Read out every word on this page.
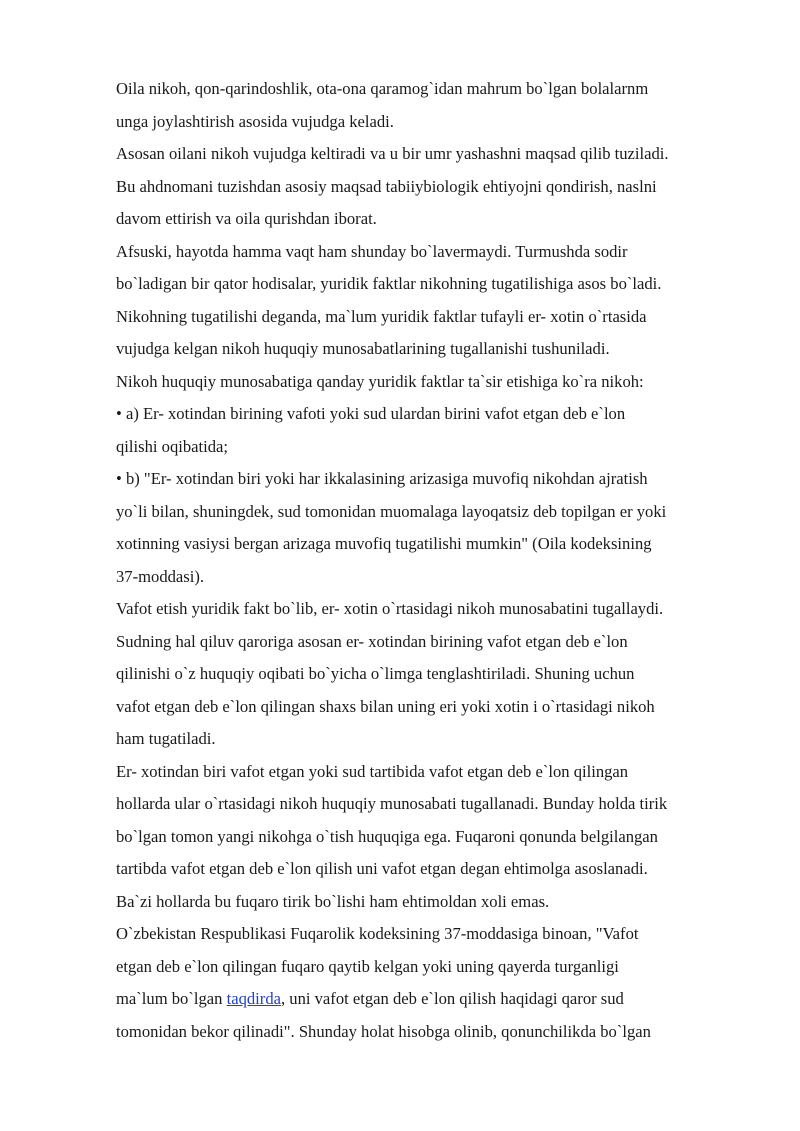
Oila nikoh, qon-qarindoshlik, ota-ona qaramog`idan mahrum bo`lgan bolalarnm
unga joylashtirish asosida vujudga keladi.
Asosan oilani nikoh vujudga keltiradi va u bir umr yashashni maqsad qilib tuziladi.
Bu ahdnomani tuzishdan asosiy maqsad tabiiybiologik ehtiyojni qondirish, naslni
davom ettirish va oila qurishdan iborat.
Afsuski, hayotda hamma vaqt ham shunday bo`lavermaydi. Turmushda sodir
bo`ladigan bir qator hodisalar, yuridik faktlar nikohning tugatilishiga asos bo`ladi.
Nikohning tugatilishi deganda, ma`lum yuridik faktlar tufayli er- xotin o`rtasida
vujudga kelgan nikoh huquqiy munosabatlarining tugallanishi tushuniladi.
Nikoh huquqiy munosabatiga qanday yuridik faktlar ta`sir etishiga ko`ra nikoh:
• a) Er- xotindan birining vafoti yoki sud ulardan birini vafot etgan deb e`lon
qilishi oqibatida;
• b) "Er- xotindan biri yoki har ikkalasining arizasiga muvofiq nikohdan ajratish
yo`li bilan, shuningdek, sud tomonidan muomalaga layoqatsiz deb topilgan er yoki
xotinning vasiysi bergan arizaga muvofiq tugatilishi mumkin" (Oila kodeksining
37-moddasi).
Vafot etish yuridik fakt bo`lib, er- xotin o`rtasidagi nikoh munosabatini tugallaydi.
Sudning hal qiluv qaroriga asosan er- xotindan birining vafot etgan deb e`lon
qilinishi o`z huquqiy oqibati bo`yicha o`limga tenglashtiriladi. Shuning uchun
vafot etgan deb e`lon qilingan shaxs bilan uning eri yoki xotin i o`rtasidagi nikoh
ham tugatiladi.
Er- xotindan biri vafot etgan yoki sud tartibida vafot etgan deb e`lon qilingan
hollarda ular o`rtasidagi nikoh huquqiy munosabati tugallanadi. Bunday holda tirik
bo`lgan tomon yangi nikohga o`tish huquqiga ega. Fuqaroni qonunda belgilangan
tartibda vafot etgan deb e`lon qilish uni vafot etgan degan ehtimolga asoslanadi.
Ba`zi hollarda bu fuqaro tirik bo`lishi ham ehtimoldan xoli emas.
O`zbekistan Respublikasi Fuqarolik kodeksining 37-moddasiga binoan, "Vafot
etgan deb e`lon qilingan fuqaro qaytib kelgan yoki uning qayerda turganligi
ma`lum bo`lgan taqdirda, uni vafot etgan deb e`lon qilish haqidagi qaror sud
tomonidan bekor qilinadi". Shunday holat hisobga olinib, qonunchilikda bo`lgan
